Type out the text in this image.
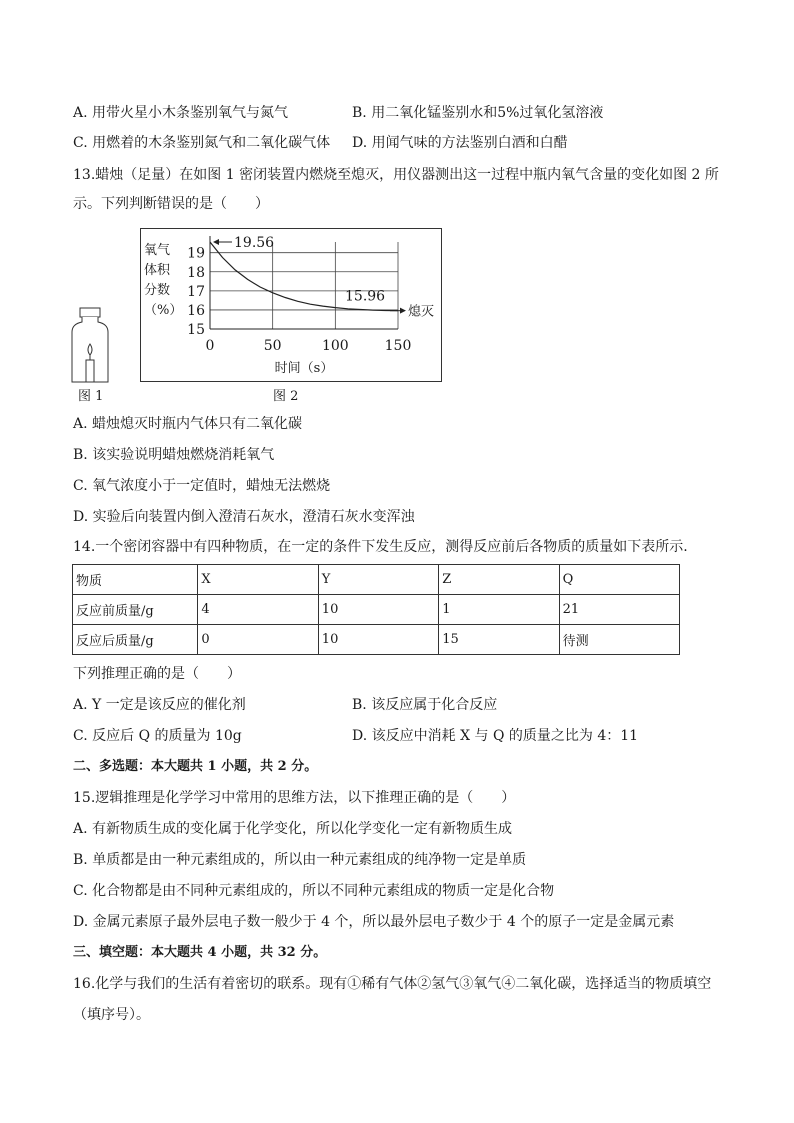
A. 用带火星小木条鉴别氧气与氮气	B. 用二氧化锰鉴别水和5%过氧化氢溶液
C. 用燃着的木条鉴别氮气和二氧化碳气体 D. 用闻气味的方法鉴别白酒和白醋
13.蜡烛（足量）在如图 1 密闭装置内燃烧至熄灭，用仪器测出这一过程中瓶内氧气含量的变化如图 2 所示。下列判断错误的是（　　）
图 1
19
18
17
16
15
0	50	100	150
氧气
体积
分数
（%）
时间（s）
19.56
15.96
熄灭
图 2
A. 蜡烛熄灭时瓶内气体只有二氧化碳
B. 该实验说明蜡烛燃烧消耗氧气
C. 氧气浓度小于一定值时，蜡烛无法燃烧
D. 实验后向装置内倒入澄清石灰水，澄清石灰水变浑浊
14.一个密闭容器中有四种物质，在一定的条件下发生反应，测得反应前后各物质的质量如下表所示.
物质	X	Y	Z	Q
反应前质量/g	4	10	1	21
反应后质量/g	0	10	15	待测
下列推理正确的是（　　）
A. Y 一定是该反应的催化剂	B. 该反应属于化合反应
C. 反应后 Q 的质量为 10g	D. 该反应中消耗 X 与 Q 的质量之比为 4：11
二、多选题：本大题共 1 小题，共 2 分。
15.逻辑推理是化学学习中常用的思维方法，以下推理正确的是（　　）
A. 有新物质生成的变化属于化学变化，所以化学变化一定有新物质生成
B. 单质都是由一种元素组成的，所以由一种元素组成的纯净物一定是单质
C. 化合物都是由不同种元素组成的，所以不同种元素组成的物质一定是化合物
D. 金属元素原子最外层电子数一般少于 4 个，所以最外层电子数少于 4 个的原子一定是金属元素
三、填空题：本大题共 4 小题，共 32 分。
16.化学与我们的生活有着密切的联系。现有①稀有气体②氢气③氧气④二氧化碳，选择适当的物质填空
（填序号）。
